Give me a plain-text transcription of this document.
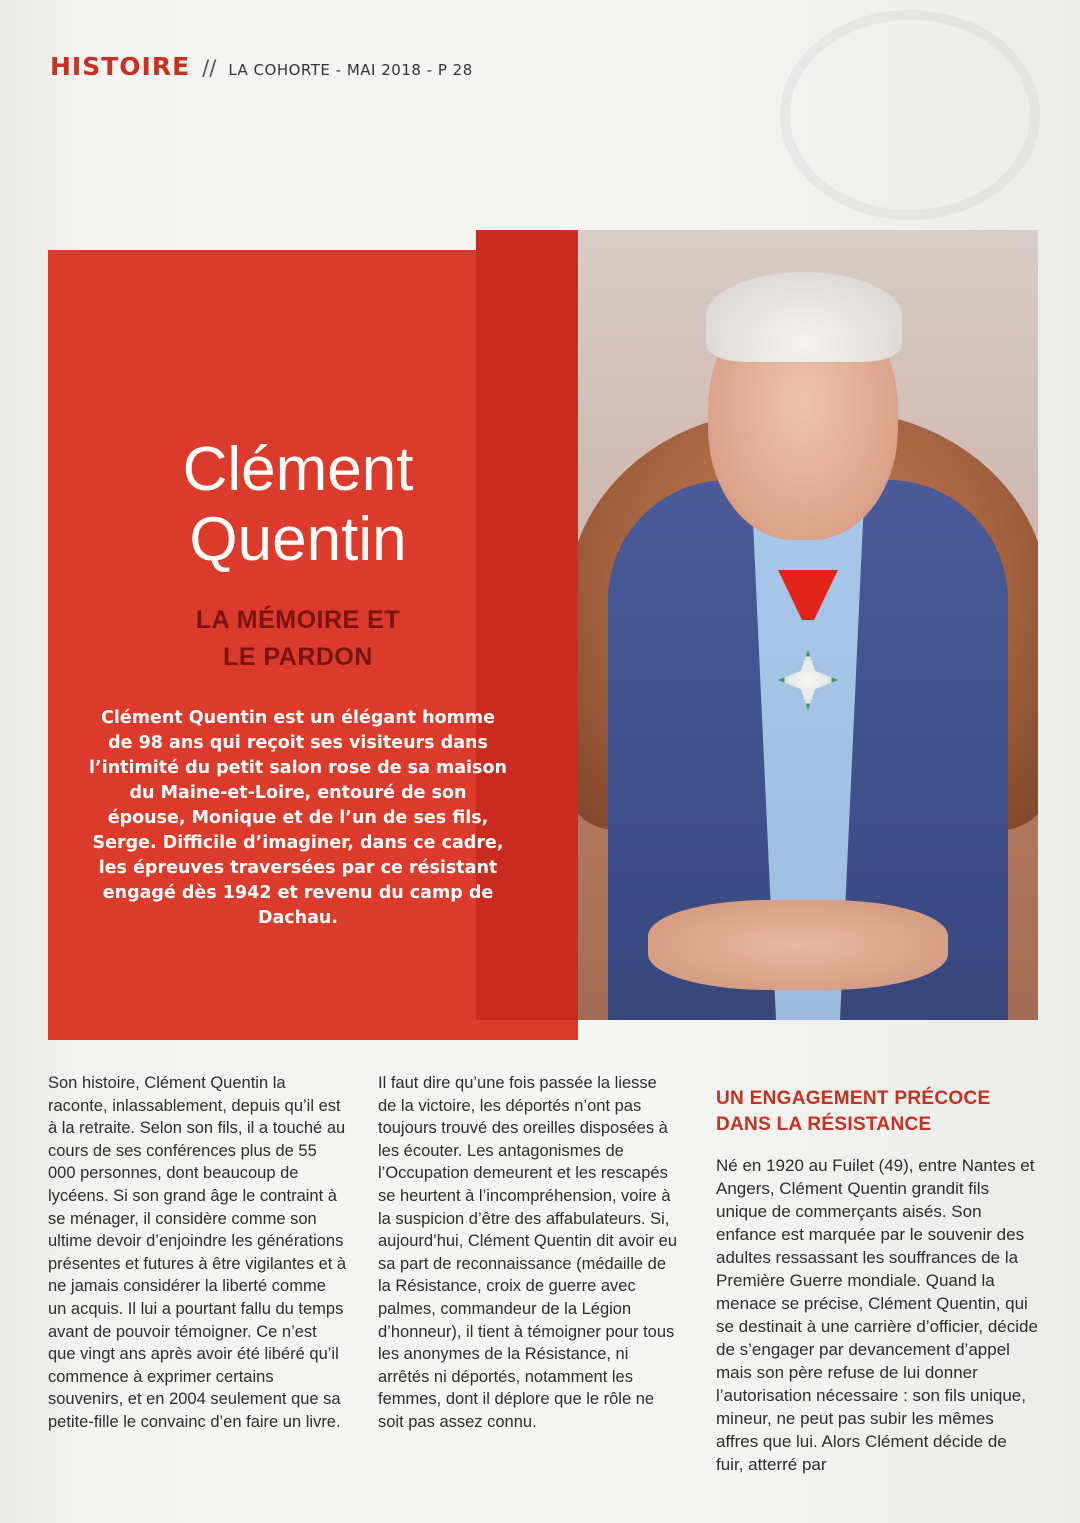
HISTOIRE // LA COHORTE - MAI 2018 - P 28
Clément
Quentin
LA MÉMOIRE ET
LE PARDON
Clément Quentin est un élégant homme de 98 ans qui reçoit ses visiteurs dans l’intimité du petit salon rose de sa maison du Maine-et-Loire, entouré de son épouse, Monique et de l’un de ses fils, Serge. Difficile d’imaginer, dans ce cadre, les épreuves traversées par ce résistant engagé dès 1942 et revenu du camp de Dachau.
Son histoire, Clément Quentin la raconte, inlassablement, depuis qu’il est à la retraite. Selon son fils, il a touché au cours de ses conférences plus de 55 000 personnes, dont beaucoup de lycéens. Si son grand âge le contraint à se ménager, il considère comme son ultime devoir d’enjoindre les générations présentes et futures à être vigilantes et à ne jamais considérer la liberté comme un acquis. Il lui a pourtant fallu du temps avant de pouvoir témoigner. Ce n’est que vingt ans après avoir été libéré qu’il commence à exprimer certains souvenirs, et en 2004 seulement que sa petite-fille le convainc d’en faire un livre.
Il faut dire qu’une fois passée la liesse de la victoire, les déportés n’ont pas toujours trouvé des oreilles disposées à les écouter. Les antagonismes de l’Occupation demeurent et les rescapés se heurtent à l’incompréhension, voire à la suspicion d’être des affabulateurs. Si, aujourd’hui, Clément Quentin dit avoir eu sa part de reconnaissance (médaille de la Résistance, croix de guerre avec palmes, commandeur de la Légion d’honneur), il tient à témoigner pour tous les anonymes de la Résistance, ni arrêtés ni déportés, notamment les femmes, dont il déplore que le rôle ne soit pas assez connu.
UN ENGAGEMENT PRÉCOCE DANS LA RÉSISTANCE
Né en 1920 au Fuilet (49), entre Nantes et Angers, Clément Quentin grandit fils unique de commerçants aisés. Son enfance est marquée par le souvenir des adultes ressassant les souffrances de la Première Guerre mondiale. Quand la menace se précise, Clément Quentin, qui se destinait à une carrière d’officier, décide de s’engager par devancement d’appel mais son père refuse de lui donner l’autorisation nécessaire : son fils unique, mineur, ne peut pas subir les mêmes affres que lui. Alors Clément décide de fuir, atterré par
